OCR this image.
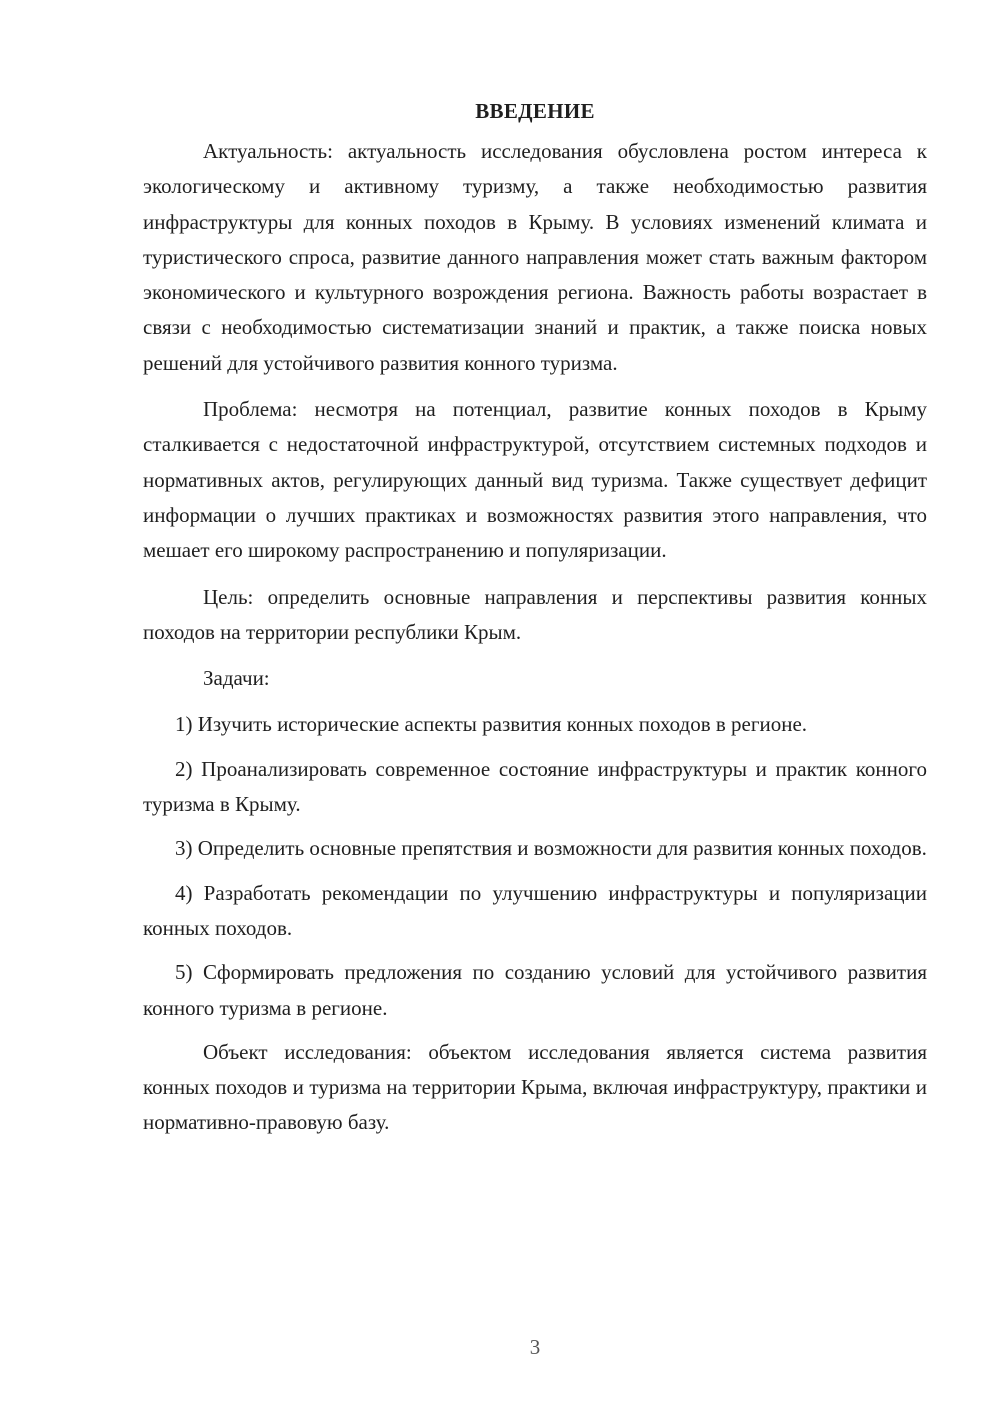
ВВЕДЕНИЕ

Актуальность: актуальность исследования обусловлена ростом интереса к экологическому и активному туризму, а также необходимостью развития инфраструктуры для конных походов в Крыму. В условиях изменений климата и туристического спроса, развитие данного направления может стать важным фактором экономического и культурного возрождения региона. Важность работы возрастает в связи с необходимостью систематизации знаний и практик, а также поиска новых решений для устойчивого развития конного туризма.

Проблема: несмотря на потенциал, развитие конных походов в Крыму сталкивается с недостаточной инфраструктурой, отсутствием системных подходов и нормативных актов, регулирующих данный вид туризма. Также существует дефицит информации о лучших практиках и возможностях развития этого направления, что мешает его широкому распространению и популяризации.

Цель: определить основные направления и перспективы развития конных походов на территории республики Крым.

Задачи:

1) Изучить исторические аспекты развития конных походов в регионе.

2) Проанализировать современное состояние инфраструктуры и практик конного туризма в Крыму.

3) Определить основные препятствия и возможности для развития конных походов.

4) Разработать рекомендации по улучшению инфраструктуры и популяризации конных походов.

5) Сформировать предложения по созданию условий для устойчивого развития конного туризма в регионе.

Объект исследования: объектом исследования является система развития конных походов и туризма на территории Крыма, включая инфраструктуру, практики и нормативно-правовую базу.

3
